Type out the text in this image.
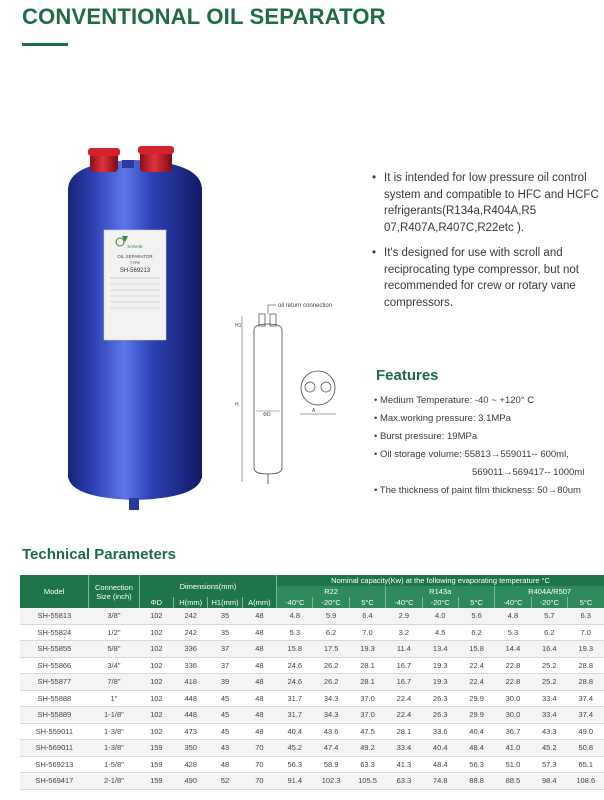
CONVENTIONAL OIL SEPARATOR
SANHE
OIL SEPARATOR
TYPE
SH-569213
oil return connection
ΦD
H1
H
A

• It is intended for low pressure oil control system and compatible to HFC and HCFC refrigerants(R134a,R404A,R5 07,R407A,R407C,R22etc ).

• It's designed for use with scroll and reciprocating type compressor, but not recommended for crew or rotary vane compressors.

Features
• Medium Temperature: -40 ~ +120° C
• Max.working pressure: 3.1MPa
• Burst pressure: 19MPa
• Oil storage volume: 55813→559011-- 600ml,
569011→569417-- 1000ml
• The thickness of paint film thickness: 50→80um
Technical Parameters
Model	Connection Size (inch)	Dimensions(mm)				Nominal capacity(Kw) at the following evaporating temperature °C								
						R22			R143a			R404A/R507		
		ΦD	H(mm)	H1(mm)	A(mm)	-40°C	-20°C	5°C	-40°C	-20°C	5°C	-40°C	-20°C	5°C
SH-55813	3/8"	102	242	35	48	4.8	5.9	6.4	2.9	4.0	5.6	4.8	5.7	6.3
SH-55824	1/2"	102	242	35	48	5.3	6.2	7.0	3.2	4.5	6.2	5.3	6.2	7.0
SH-55855	5/8"	102	336	37	48	15.8	17.5	19.3	11.4	13.4	15.8	14.4	16.4	19.3
SH-55866	3/4"	102	336	37	48	24.6	26.2	28.1	16.7	19.3	22.4	22.8	25.2	28.8
SH-55877	7/8"	102	418	39	48	24.6	26.2	28.1	16.7	19.3	22.4	22.8	25.2	28.8
SH-55888	1"	102	448	45	48	31.7	34.3	37.0	22.4	26.3	29.9	30.0	33.4	37.4
SH-55889	1-1/8"	102	448	45	48	31.7	34.3	37.0	22.4	26.3	29.9	30.0	33.4	37.4
SH-559011	1-3/8"	102	473	45	48	40.4	43.6	47.5	28.1	33.6	40.4	36.7	43.3	49.0
SH-569011	1-3/8"	159	350	43	70	45.2	47.4	49.2	33.4	40.4	48.4	41.0	45.2	50.8
SH-569213	1-5/8"	159	428	48	70	56.3	58.9	63.3	41.3	48.4	56.3	51.0	57.3	65.1
SH-569417	2-1/8"	159	490	52	70	91.4	102.3	105.5	63.3	74.8	88.8	88.5	98.4	108.6
